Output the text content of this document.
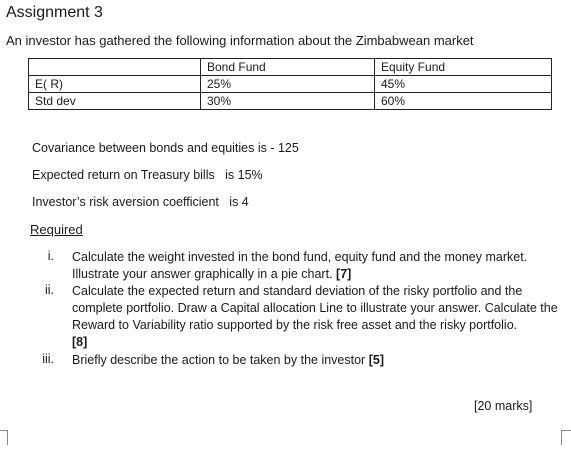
Assignment 3
An investor has gathered the following information about the Zimbabwean market
	Bond Fund	Equity Fund
E( R)	25%	45%
Std dev	30%	60%
Covariance between bonds and equities is - 125
Expected return on Treasury bills   is 15%
Investor’s risk aversion coefficient   is 4
Required
i. Calculate the weight invested in the bond fund, equity fund and the money market. Illustrate your answer graphically in a pie chart. [7]
ii. Calculate the expected return and standard deviation of the risky portfolio and the complete portfolio. Draw a Capital allocation Line to illustrate your answer. Calculate the Reward to Variability ratio supported by the risk free asset and the risky portfolio.
[8]
iii. Briefly describe the action to be taken by the investor [5]
[20 marks]
